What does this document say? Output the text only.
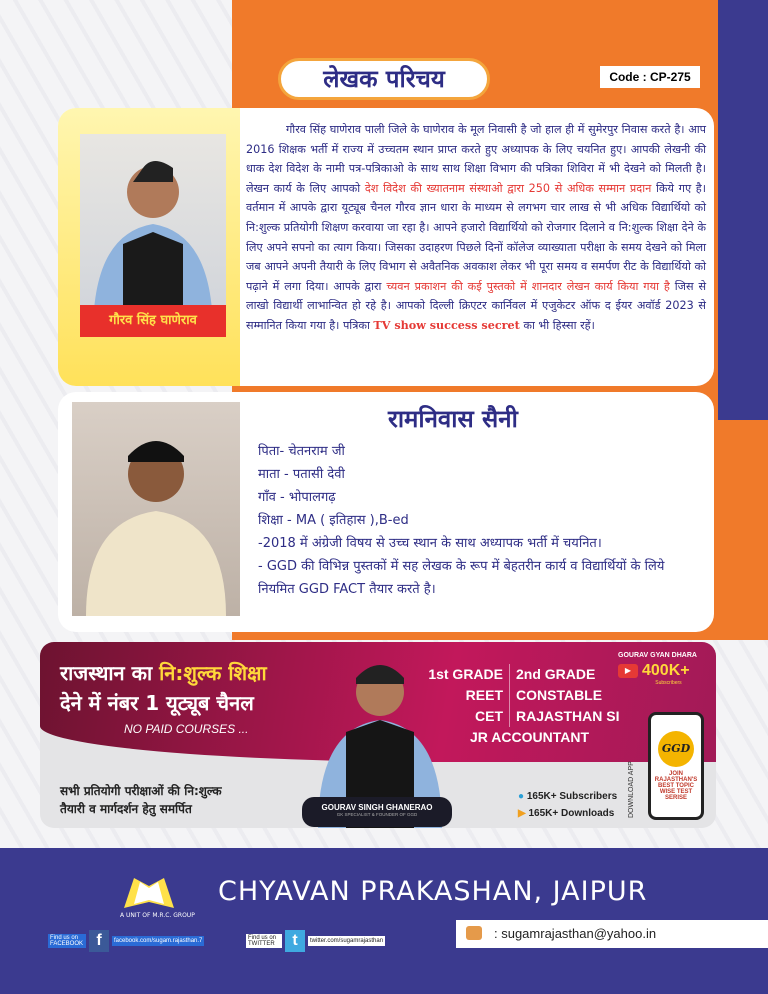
लेखक परिचय	Code : CP-275
गौरव सिंह घाणेराव

गौरव सिंह घाणेराव पाली जिले के घाणेराव के मूल निवासी है जो हाल ही में सुमेरपुर निवास करते है। आप 2016 शिक्षक भर्ती में राज्य में उच्चतम स्थान प्राप्त करते हुए अध्यापक के लिए चयनित हुए। आपकी लेखनी की धाक देश विदेश के नामी पत्र-पत्रिकाओ के साथ साथ शिक्षा विभाग की पत्रिका शिविरा में भी देखने को मिलती है। लेखन कार्य के लिए आपको देश विदेश की ख्यातनाम संस्थाओ द्वारा 250 से अधिक सम्मान प्रदान किये गए है। वर्तमान में आपके द्वारा यूट्यूब चैनल गौरव ज्ञान धारा के माध्यम से लगभग चार लाख से भी अधिक विद्यार्थियो को नि:शुल्क प्रतियोगी शिक्षण करवाया जा रहा है। आपने हजारो विद्यार्थियो को रोजगार दिलाने व नि:शुल्क शिक्षा देने के लिए अपने सपनो का त्याग किया। जिसका उदाहरण पिछले दिनों कॉलेज व्याख्याता परीक्षा के समय देखने को मिला जब आपने अपनी तैयारी के लिए विभाग से अवैतनिक अवकाश लेकर भी पूरा समय व समर्पण रीट के विद्यार्थियो को पढ़ाने में लगा दिया। आपके द्वारा च्यवन प्रकाशन की कई पुस्तको में शानदार लेखन कार्य किया गया है जिस से लाखो विद्यार्थी लाभान्वित हो रहे है। आपको दिल्ली क्रिएटर कार्निवल में एजुकेटर ऑफ द ईयर अवॉर्ड 2023 से सम्मानित किया गया है। पत्रिका TV show success secret का भी हिस्सा रहें।

रामनिवास सैनी
पिता- चेतनराम जी
माता - पतासी देवी
गाँव - भोपालगढ़
शिक्षा - MA ( इतिहास ),B-ed
-2018 में अंग्रेजी विषय से उच्च स्थान के साथ अध्यापक भर्ती में चयनित।
- GGD की विभिन्न पुस्तकों में सह लेखक के रूप में बेहतरीन कार्य व विद्यार्थियों के लिये नियमित GGD FACT तैयार करते है।
राजस्थान का नि:शुल्क शिक्षा
देने में नंबर 1 यूट्यूब चैनल
NO PAID COURSES ...
सभी प्रतियोगी परीक्षाओं की नि:शुल्क
तैयारी व मार्गदर्शन हेतु समर्पित	GOURAV SINGH GHANERAO
GK SPECIALIST & FOUNDER OF GGD
1st GRADE 2nd GRADE
REET CONSTABLE
CET RAJASTHAN SI
JR ACCOUNTANT
GOURAV GYAN DHARA
▶ 400K+
Subscribers
● 165K+ Subscribers
▶ 165K+ Downloads	DOWNLOAD APP
GGD
JOIN RAJASTHAN'S BEST TOPIC WISE TEST SERISE
A UNIT OF M.R.C. GROUP
CHYAVAN PRAKASHAN, JAIPUR
Find us on FACEBOOK f	facebook.com/sugam.rajasthan.7	Find us on TWITTER	t	twitter.com/sugamrajasthan	: sugamrajasthan@yahoo.in
